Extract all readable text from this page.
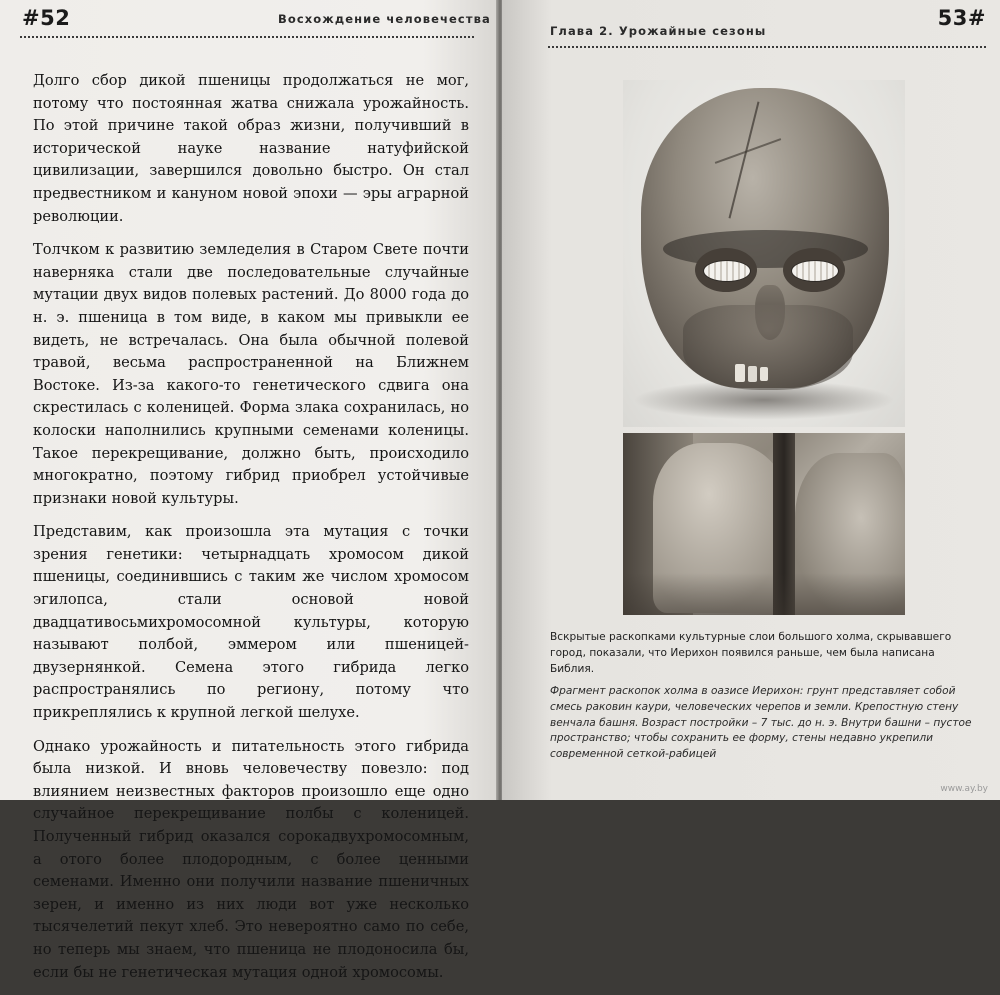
#52	Восхождение человечества

Долго сбор дикой пшеницы продолжаться не мог, потому что постоянная жатва снижала урожайность. По этой причине такой образ жизни, получивший в исторической науке название натуфийской цивилизации, завершился довольно быстро. Он стал предвестником и кануном новой эпохи — эры аграрной революции.

Толчком к развитию земледелия в Старом Свете почти наверняка стали две последовательные случайные мутации двух видов полевых растений. До 8000 года до н. э. пшеница в том виде, в каком мы привыкли ее видеть, не встречалась. Она была обычной полевой травой, весьма распространенной на Ближнем Востоке. Из-за какого-то генетического сдвига она скрестилась с коленицей. Форма злака сохранилась, но колоски наполнились крупными семенами коленицы. Такое перекрещивание, должно быть, происходило многократно, поэтому гибрид приобрел устойчивые признаки новой культуры.

Представим, как произошла эта мутация с точки зрения генетики: четырнадцать хромосом дикой пшеницы, соединившись с таким же числом хромосом эгилопса, стали основой новой двадцативосьмихромосомной культуры, которую называют полбой, эммером или пшеницей-двузернянкой. Семена этого гибрида легко распространялись по региону, потому что прикреплялись к крупной легкой шелухе.

Однако урожайность и питательность этого гибрида была низкой. И вновь человечеству повезло: под влиянием неизвестных факторов произошло еще одно случайное перекрещивание полбы с коленицей. Полученный гибрид оказался сорокадвухромосомным, а отого более плодородным, с более ценными семенами. Именно они получили название пшеничных зерен, и именно из них люди вот уже несколько тысячелетий пекут хлеб. Это невероятно само по себе, но теперь мы знаем, что пшеница не плодоносила бы, если бы не генетическая мутация одной хромосомы.

Глава 2. Урожайные сезоны
53#
Вскрытые раскопками культурные слои большого холма, скрывавшего город, показали, что Иерихон появился раньше, чем была написана Библия.
Фрагмент раскопок холма в оазисе Иерихон: грунт представляет собой смесь раковин каури, человеческих черепов и земли. Крепостную стену венчала башня. Возраст постройки – 7 тыс. до н. э. Внутри башни – пустое пространство; чтобы сохранить ее форму, стены недавно укрепили современной сеткой-рабицей
www.ay.by
